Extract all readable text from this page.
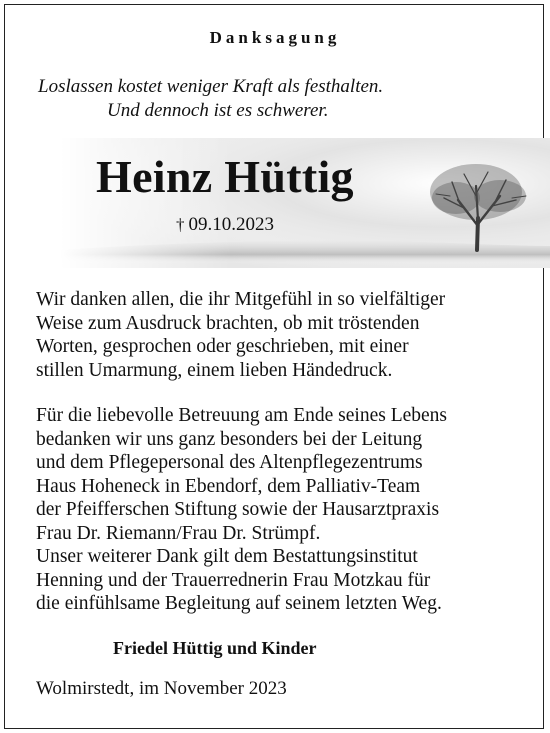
Danksagung
Loslassen kostet weniger Kraft als festhalten.
Und dennoch ist es schwerer.
Heinz Hüttig
† 09.10.2023
Wir danken allen, die ihr Mitgefühl in so vielfältiger
Weise zum Ausdruck brachten, ob mit tröstenden
Worten, gesprochen oder geschrieben, mit einer
stillen Umarmung, einem lieben Händedruck.
Für die liebevolle Betreuung am Ende seines Lebens
bedanken wir uns ganz besonders bei der Leitung
und dem Pflegepersonal des Altenpflegezentrums
Haus Hoheneck in Ebendorf, dem Palliativ-Team
der Pfeifferschen Stiftung sowie der Hausarztpraxis
Frau Dr. Riemann/Frau Dr. Strümpf.
Unser weiterer Dank gilt dem Bestattungsinstitut
Henning und der Trauerrednerin Frau Motzkau für
die einfühlsame Begleitung auf seinem letzten Weg.
Friedel Hüttig und Kinder
Wolmirstedt, im November 2023
